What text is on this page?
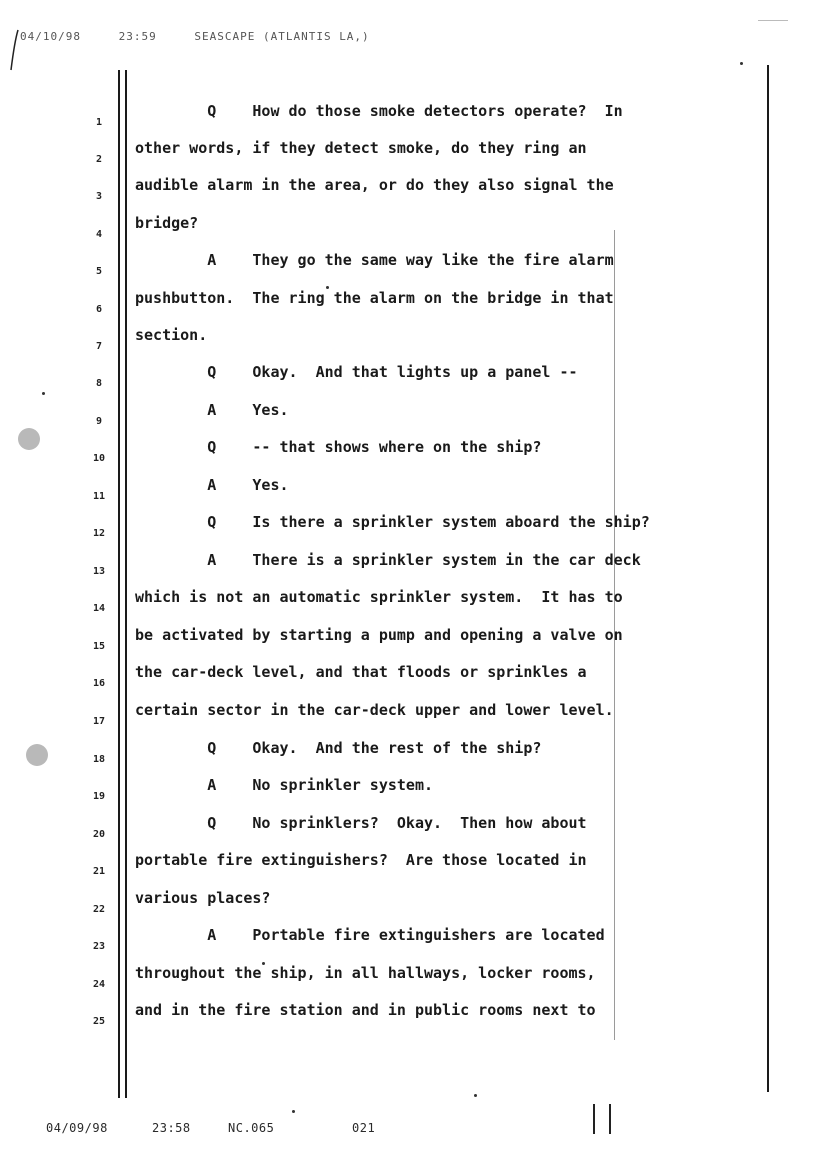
04/10/98	23:59	SEASCAPE (ATLANTIS LA,)
1
Q    How do those smoke detectors operate?  In
2
other words, if they detect smoke, do they ring an
3
audible alarm in the area, or do they also signal the
4
bridge?
5
A    They go the same way like the fire alarm
6
pushbutton.  The ring the alarm on the bridge in that
7
section.
8
Q    Okay.  And that lights up a panel --
9
A    Yes.
10
Q    -- that shows where on the ship?
11
A    Yes.
12
Q    Is there a sprinkler system aboard the ship?
13
A    There is a sprinkler system in the car deck
14
which is not an automatic sprinkler system.  It has to
15
be activated by starting a pump and opening a valve on
16
the car-deck level, and that floods or sprinkles a
17
certain sector in the car-deck upper and lower level.
18
Q    Okay.  And the rest of the ship?
19
A    No sprinkler system.
20
Q    No sprinklers?  Okay.  Then how about
21
portable fire extinguishers?  Are those located in
22
various places?
23
A    Portable fire extinguishers are located
24
throughout the ship, in all hallways, locker rooms,
25
and in the fire station and in public rooms next to
04/09/98	23:58	NC.065	021
